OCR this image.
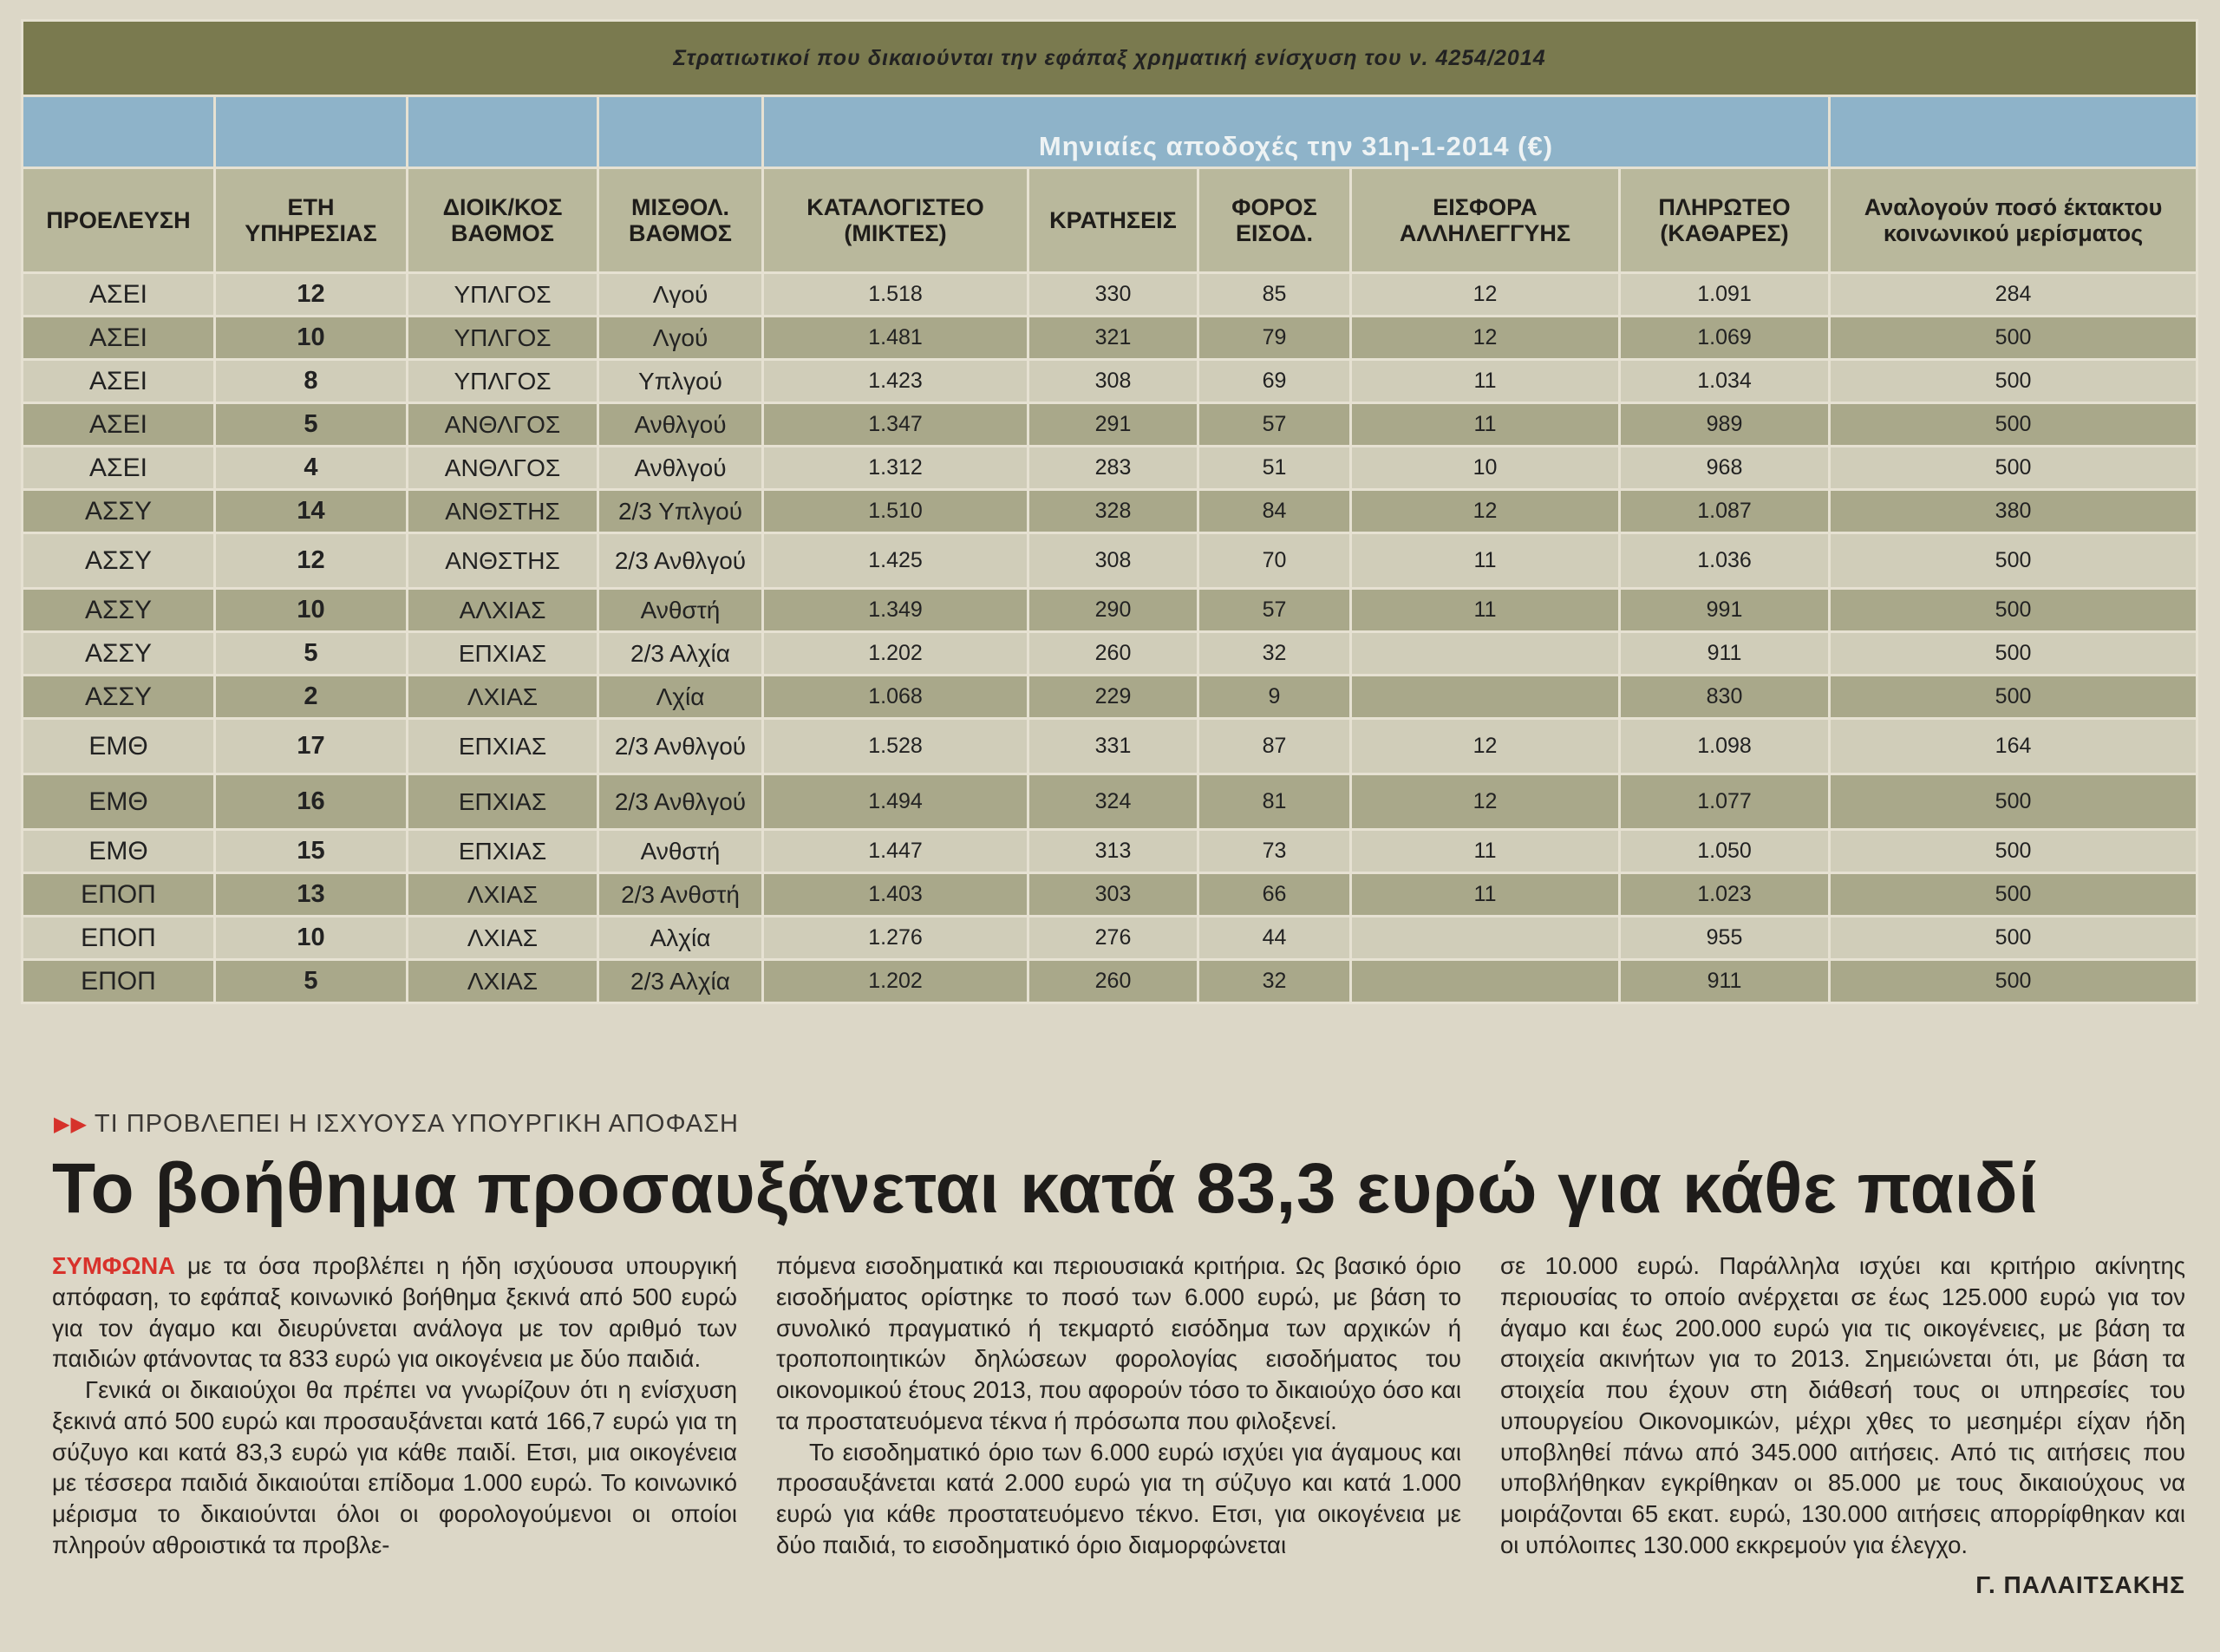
Στρατιωτικοί που δικαιούνται την εφάπαξ χρηματική ενίσχυση του ν. 4254/2014									
				Μηνιαίες αποδοχές την 31η-1-2014 (€)					
ΠΡΟΕΛΕΥΣΗ	ΕΤΗ ΥΠΗΡΕΣΙΑΣ	ΔΙΟΙΚ/ΚΟΣ ΒΑΘΜΟΣ	ΜΙΣΘΟΛ. ΒΑΘΜΟΣ	ΚΑΤΑΛΟΓΙΣΤΕΟ (ΜΙΚΤΕΣ)	ΚΡΑΤΗΣΕΙΣ	ΦΟΡΟΣ ΕΙΣΟΔ.	ΕΙΣΦΟΡΑ ΑΛΛΗΛΕΓΓΥΗΣ	ΠΛΗΡΩΤΕΟ (ΚΑΘΑΡΕΣ)	Αναλογούν ποσό έκτακτου κοινωνικού μερίσματος
ΑΣΕΙ	12	ΥΠΛΓΟΣ	Λγού	1.518	330	85	12	1.091	284
ΑΣΕΙ	10	ΥΠΛΓΟΣ	Λγού	1.481	321	79	12	1.069	500
ΑΣΕΙ	8	ΥΠΛΓΟΣ	Υπλγού	1.423	308	69	11	1.034	500
ΑΣΕΙ	5	ΑΝΘΛΓΟΣ	Ανθλγού	1.347	291	57	11	989	500
ΑΣΕΙ	4	ΑΝΘΛΓΟΣ	Ανθλγού	1.312	283	51	10	968	500
ΑΣΣΥ	14	ΑΝΘΣΤΗΣ	2/3 Υπλγού	1.510	328	84	12	1.087	380
ΑΣΣΥ	12	ΑΝΘΣΤΗΣ	2/3 Ανθλγού	1.425	308	70	11	1.036	500
ΑΣΣΥ	10	ΑΛΧΙΑΣ	Ανθστή	1.349	290	57	11	991	500
ΑΣΣΥ	5	ΕΠΧΙΑΣ	2/3 Αλχία	1.202	260	32		911	500
ΑΣΣΥ	2	ΛΧΙΑΣ	Λχία	1.068	229	9		830	500
ΕΜΘ	17	ΕΠΧΙΑΣ	2/3 Ανθλγού	1.528	331	87	12	1.098	164
ΕΜΘ	16	ΕΠΧΙΑΣ	2/3 Ανθλγού	1.494	324	81	12	1.077	500
ΕΜΘ	15	ΕΠΧΙΑΣ	Ανθστή	1.447	313	73	11	1.050	500
ΕΠΟΠ	13	ΛΧΙΑΣ	2/3 Ανθστή	1.403	303	66	11	1.023	500
ΕΠΟΠ	10	ΛΧΙΑΣ	Αλχία	1.276	276	44		955	500
ΕΠΟΠ	5	ΛΧΙΑΣ	2/3 Αλχία	1.202	260	32		911	500
▶▶ ΤΙ ΠΡΟΒΛΕΠΕΙ Η ΙΣΧΥΟΥΣΑ ΥΠΟΥΡΓΙΚΗ ΑΠΟΦΑΣΗ
Το βοήθημα προσαυξάνεται κατά 83,3 ευρώ για κάθε παιδί

ΣΥΜΦΩΝΑ με τα όσα προβλέπει η ήδη ισχύουσα υπουργική απόφαση, το εφάπαξ κοινωνικό βοήθημα ξεκινά από 500 ευρώ για τον άγαμο και διευρύνεται ανάλογα με τον αριθμό των παιδιών φτάνοντας τα 833 ευρώ για οικογένεια με δύο παιδιά.

Γενικά οι δικαιούχοι θα πρέπει να γνωρίζουν ότι η ενίσχυση ξεκινά από 500 ευρώ και προσαυξάνεται κατά 166,7 ευρώ για τη σύζυγο και κατά 83,3 ευρώ για κάθε παιδί. Ετσι, μια οικογένεια με τέσσερα παιδιά δικαιούται επίδομα 1.000 ευρώ. Το κοινωνικό μέρισμα το δικαιούνται όλοι οι φορολογούμενοι οι οποίοι πληρούν αθροιστικά τα προβλε-

πόμενα εισοδηματικά και περιουσιακά κριτήρια. Ως βασικό όριο εισοδήματος ορίστηκε το ποσό των 6.000 ευρώ, με βάση το συνολικό πραγματικό ή τεκμαρτό εισόδημα των αρχικών ή τροποποιητικών δηλώσεων φορολογίας εισοδήματος του οικονομικού έτους 2013, που αφορούν τόσο το δικαιούχο όσο και τα προστατευόμενα τέκνα ή πρόσωπα που φιλοξενεί.

Το εισοδηματικό όριο των 6.000 ευρώ ισχύει για άγαμους και προσαυξάνεται κατά 2.000 ευρώ για τη σύζυγο και κατά 1.000 ευρώ για κάθε προστατευόμενο τέκνο. Ετσι, για οικογένεια με δύο παιδιά, το εισοδηματικό όριο διαμορφώνεται

σε 10.000 ευρώ. Παράλληλα ισχύει και κριτήριο ακίνητης περιουσίας το οποίο ανέρχεται σε έως 125.000 ευρώ για τον άγαμο και έως 200.000 ευρώ για τις οικογένειες, με βάση τα στοιχεία ακινήτων για το 2013. Σημειώνεται ότι, με βάση τα στοιχεία που έχουν στη διάθεσή τους οι υπηρεσίες του υπουργείου Οικονομικών, μέχρι χθες το μεσημέρι είχαν ήδη υποβληθεί πάνω από 345.000 αιτήσεις. Από τις αιτήσεις που υποβλήθηκαν εγκρίθηκαν οι 85.000 με τους δικαιούχους να μοιράζονται 65 εκατ. ευρώ, 130.000 αιτήσεις απορρίφθηκαν και οι υπόλοιπες 130.000 εκκρεμούν για έλεγχο.

Γ. ΠΑΛΑΙΤΣΑΚΗΣ
